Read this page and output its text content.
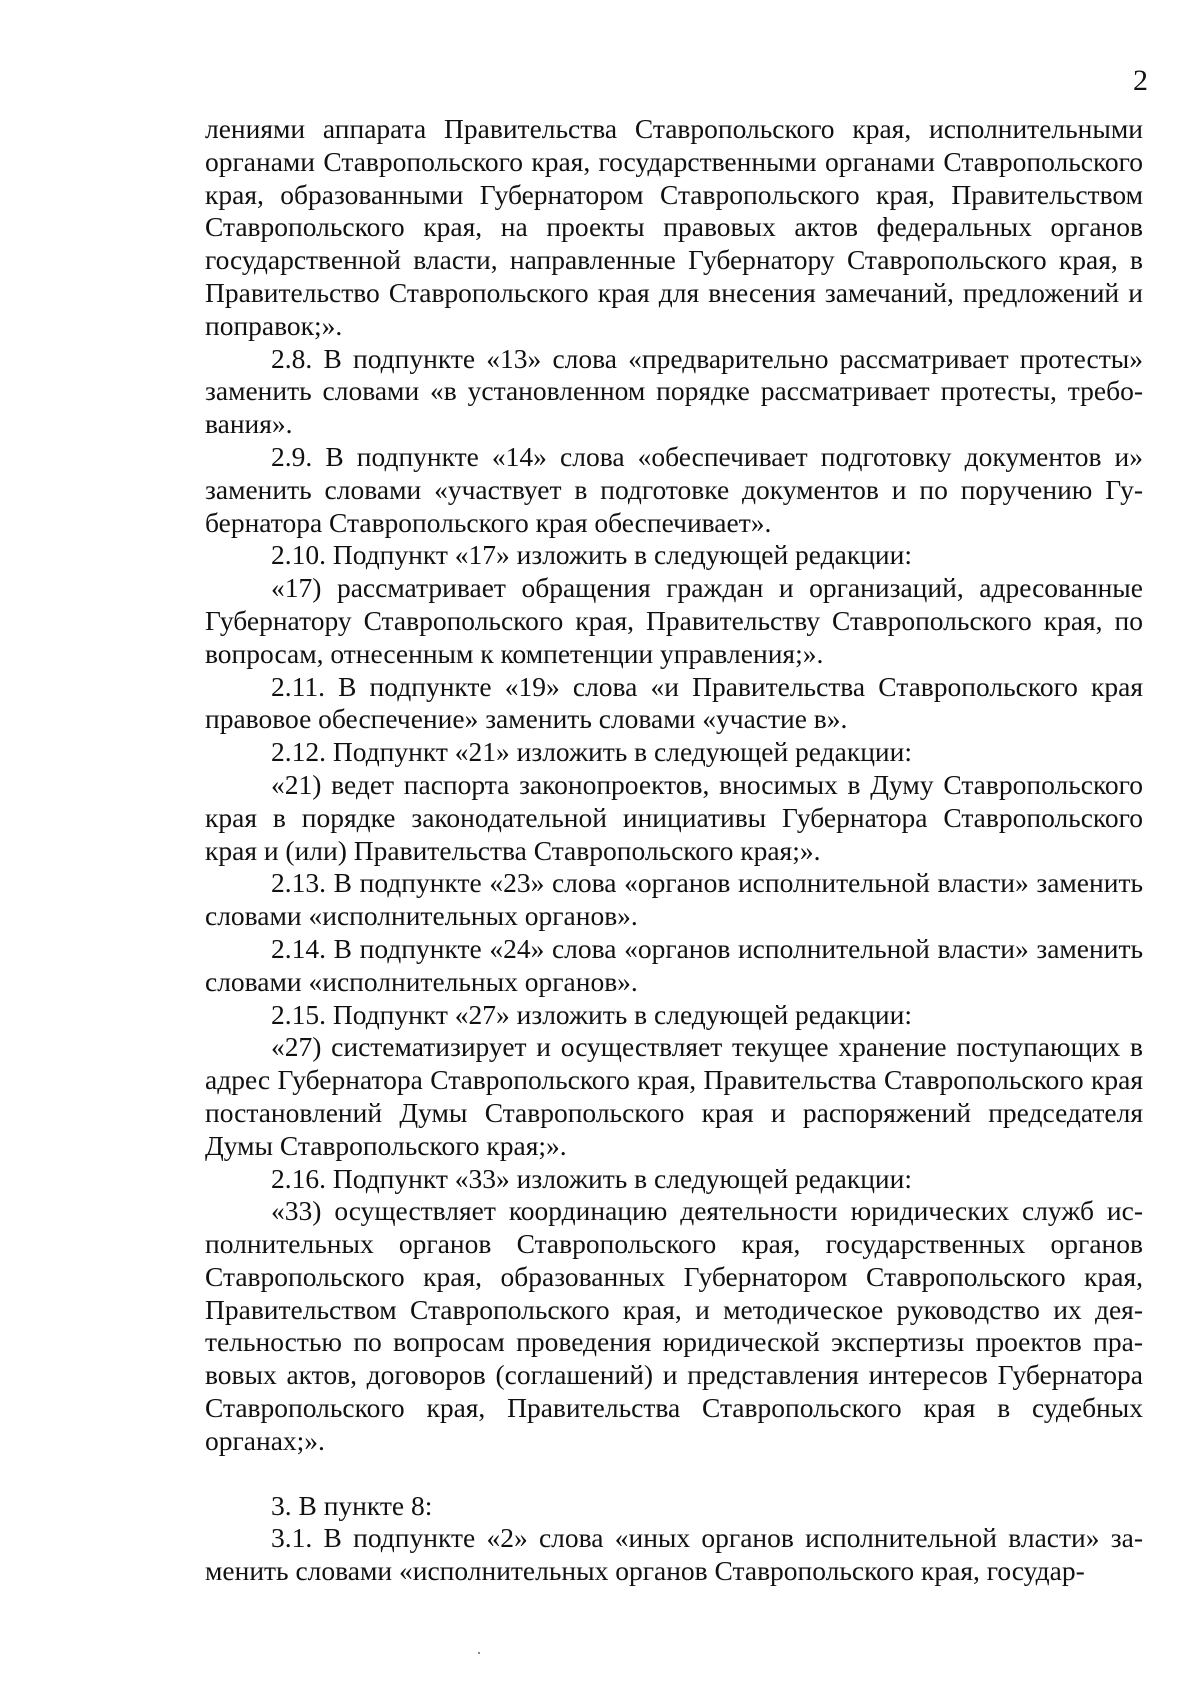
2

лениями аппарата Правительства Ставропольского края, исполнительными органами Ставропольского края, государственными органами Ставропольского края, образованными Губернатором Ставропольского края, Правительством Ставропольского края, на проекты правовых актов федеральных органов государственной власти, направленные Губернатору Ставропольского края, в Правительство Ставропольского края для внесения замечаний, предложений и поправок;».

2.8. В подпункте «13» слова «предварительно рассматривает протесты» заменить словами «в установленном порядке рассматривает протесты, требования».

2.9. В подпункте «14» слова «обеспечивает подготовку документов и» заменить словами «участвует в подготовке документов и по поручению Губернатора Ставропольского края обеспечивает».

2.10. Подпункт «17» изложить в следующей редакции:

«17) рассматривает обращения граждан и организаций, адресованные Губернатору Ставропольского края, Правительству Ставропольского края, по вопросам, отнесенным к компетенции управления;».

2.11. В подпункте «19» слова «и Правительства Ставропольского края правовое обеспечение» заменить словами «участие в».

2.12. Подпункт «21» изложить в следующей редакции:

«21) ведет паспорта законопроектов, вносимых в Думу Ставропольского края в порядке законодательной инициативы Губернатора Ставропольского края и (или) Правительства Ставропольского края;».

2.13. В подпункте «23» слова «органов исполнительной власти» заменить словами «исполнительных органов».

2.14. В подпункте «24» слова «органов исполнительной власти» заменить словами «исполнительных органов».

2.15. Подпункт «27» изложить в следующей редакции:

«27) систематизирует и осуществляет текущее хранение поступающих в адрес Губернатора Ставропольского края, Правительства Ставропольского края постановлений Думы Ставропольского края и распоряжений председателя Думы Ставропольского края;».

2.16. Подпункт «33» изложить в следующей редакции:

«33) осуществляет координацию деятельности юридических служб исполнительных органов Ставропольского края, государственных органов Ставропольского края, образованных Губернатором Ставропольского края, Правительством Ставропольского края, и методическое руководство их деятельностью по вопросам проведения юридической экспертизы проектов правовых актов, договоров (соглашений) и представления интересов Губернатора Ставропольского края, Правительства Ставропольского края в судебных органах;».

3. В пункте 8:

3.1. В подпункте «2» слова «иных органов исполнительной власти» заменить словами «исполнительных органов Ставропольского края, государ-
